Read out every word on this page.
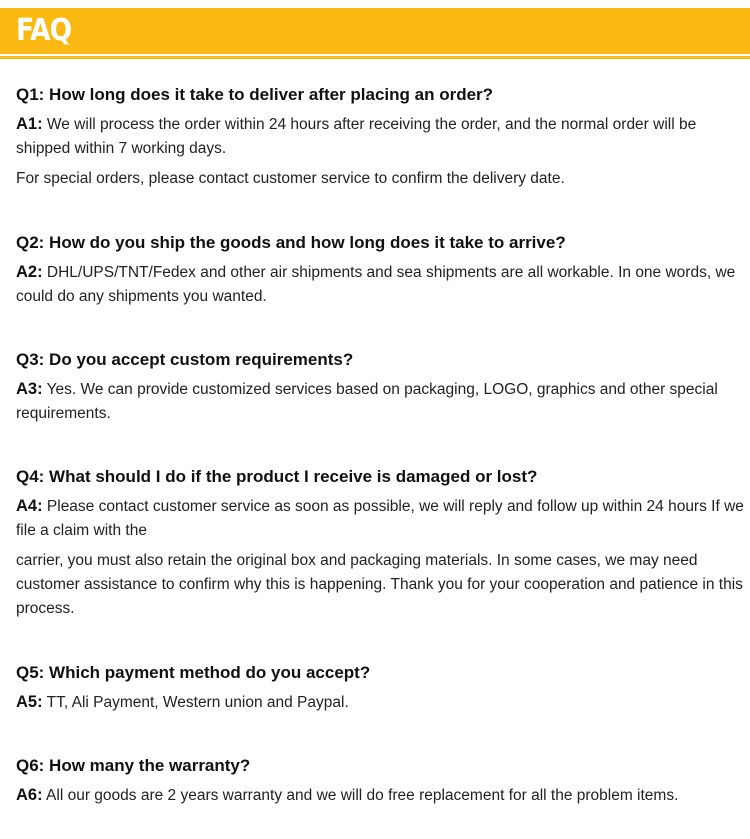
FAQ
Q1: How long does it take to deliver after placing an order?
A1: We will process the order within 24 hours after receiving the order, and the normal order will be shipped within 7 working days.
For special orders, please contact customer service to confirm the delivery date.
Q2: How do you ship the goods and how long does it take to arrive?
A2: DHL/UPS/TNT/Fedex and other air shipments and sea shipments are all workable. In one words, we could do any shipments you wanted.
Q3: Do you accept custom requirements?
A3: Yes. We can provide customized services based on packaging, LOGO, graphics and other special requirements.
Q4: What should I do if the product I receive is damaged or lost?
A4: Please contact customer service as soon as possible, we will reply and follow up within 24 hours If we file a claim with the
carrier, you must also retain the original box and packaging materials. In some cases, we may need customer assistance to confirm why this is happening. Thank you for your cooperation and patience in this process.
Q5: Which payment method do you accept?
A5: TT, Ali Payment, Western union and Paypal.
Q6: How many the warranty?
A6: All our goods are 2 years warranty and we will do free replacement for all the problem items.
